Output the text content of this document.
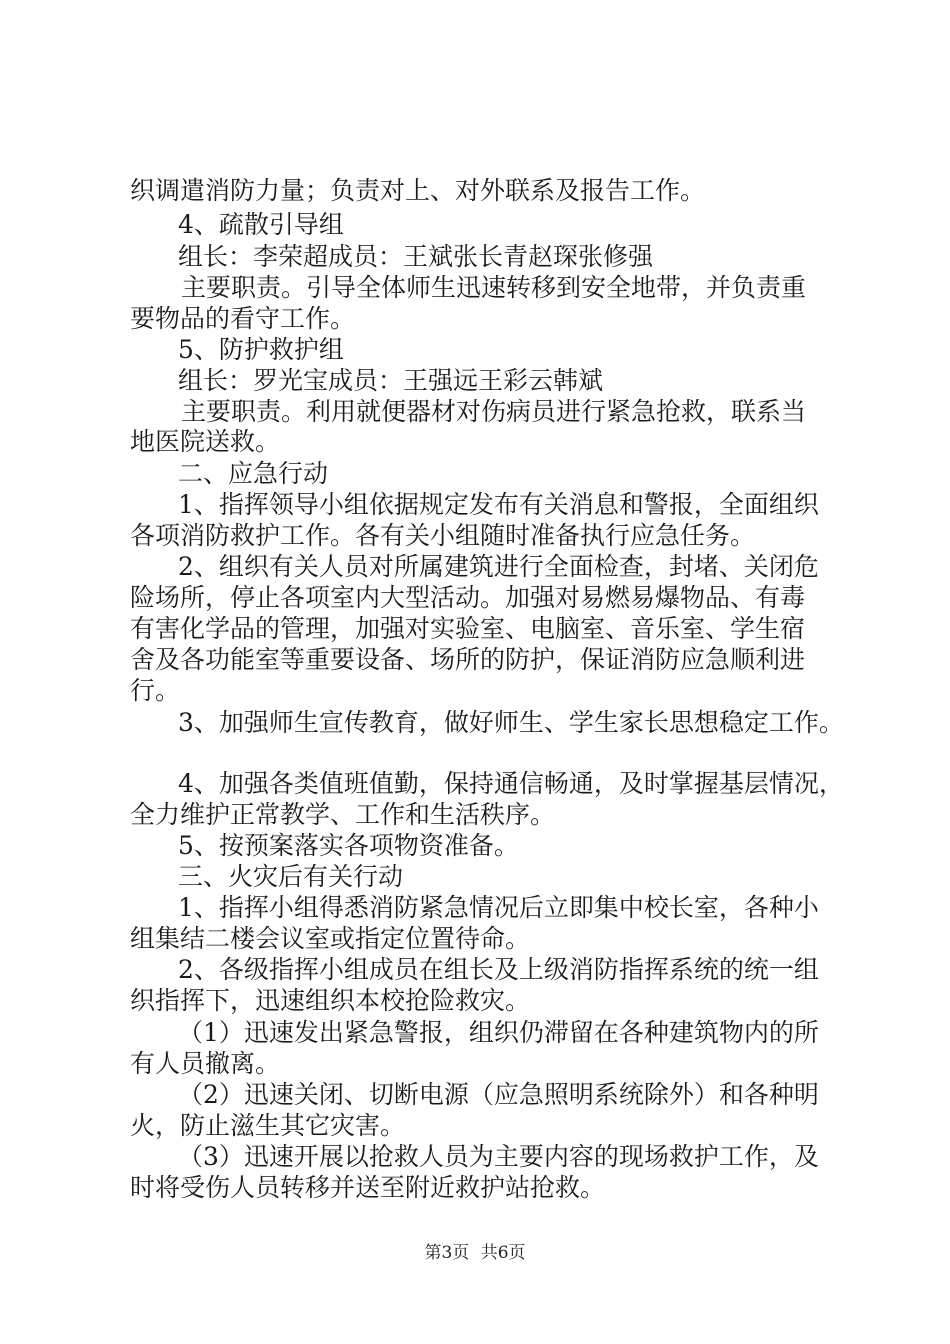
织调遣消防力量；负责对上、对外联系及报告工作。
4、疏散引导组
组长：李荣超成员：王斌张长青赵琛张修强
主要职责。引导全体师生迅速转移到安全地带，并负责重
要物品的看守工作。
5、防护救护组
组长：罗光宝成员：王强远王彩云韩斌
主要职责。利用就便器材对伤病员进行紧急抢救，联系当
地医院送救。
二、应急行动
1、指挥领导小组依据规定发布有关消息和警报，全面组织
各项消防救护工作。各有关小组随时准备执行应急任务。
2、组织有关人员对所属建筑进行全面检查，封堵、关闭危
险场所，停止各项室内大型活动。加强对易燃易爆物品、有毒
有害化学品的管理，加强对实验室、电脑室、音乐室、学生宿
舍及各功能室等重要设备、场所的防护，保证消防应急顺利进
行。
3、加强师生宣传教育，做好师生、学生家长思想稳定工作。
4、加强各类值班值勤，保持通信畅通，及时掌握基层情况，
全力维护正常教学、工作和生活秩序。
5、按预案落实各项物资准备。
三、火灾后有关行动
1、指挥小组得悉消防紧急情况后立即集中校长室，各种小
组集结二楼会议室或指定位置待命。
2、各级指挥小组成员在组长及上级消防指挥系统的统一组
织指挥下，迅速组织本校抢险救灾。
（1）迅速发出紧急警报，组织仍滞留在各种建筑物内的所
有人员撤离。
（2）迅速关闭、切断电源（应急照明系统除外）和各种明
火，防止滋生其它灾害。
（3）迅速开展以抢救人员为主要内容的现场救护工作，及
时将受伤人员转移并送至附近救护站抢救。
第3页 共6页
